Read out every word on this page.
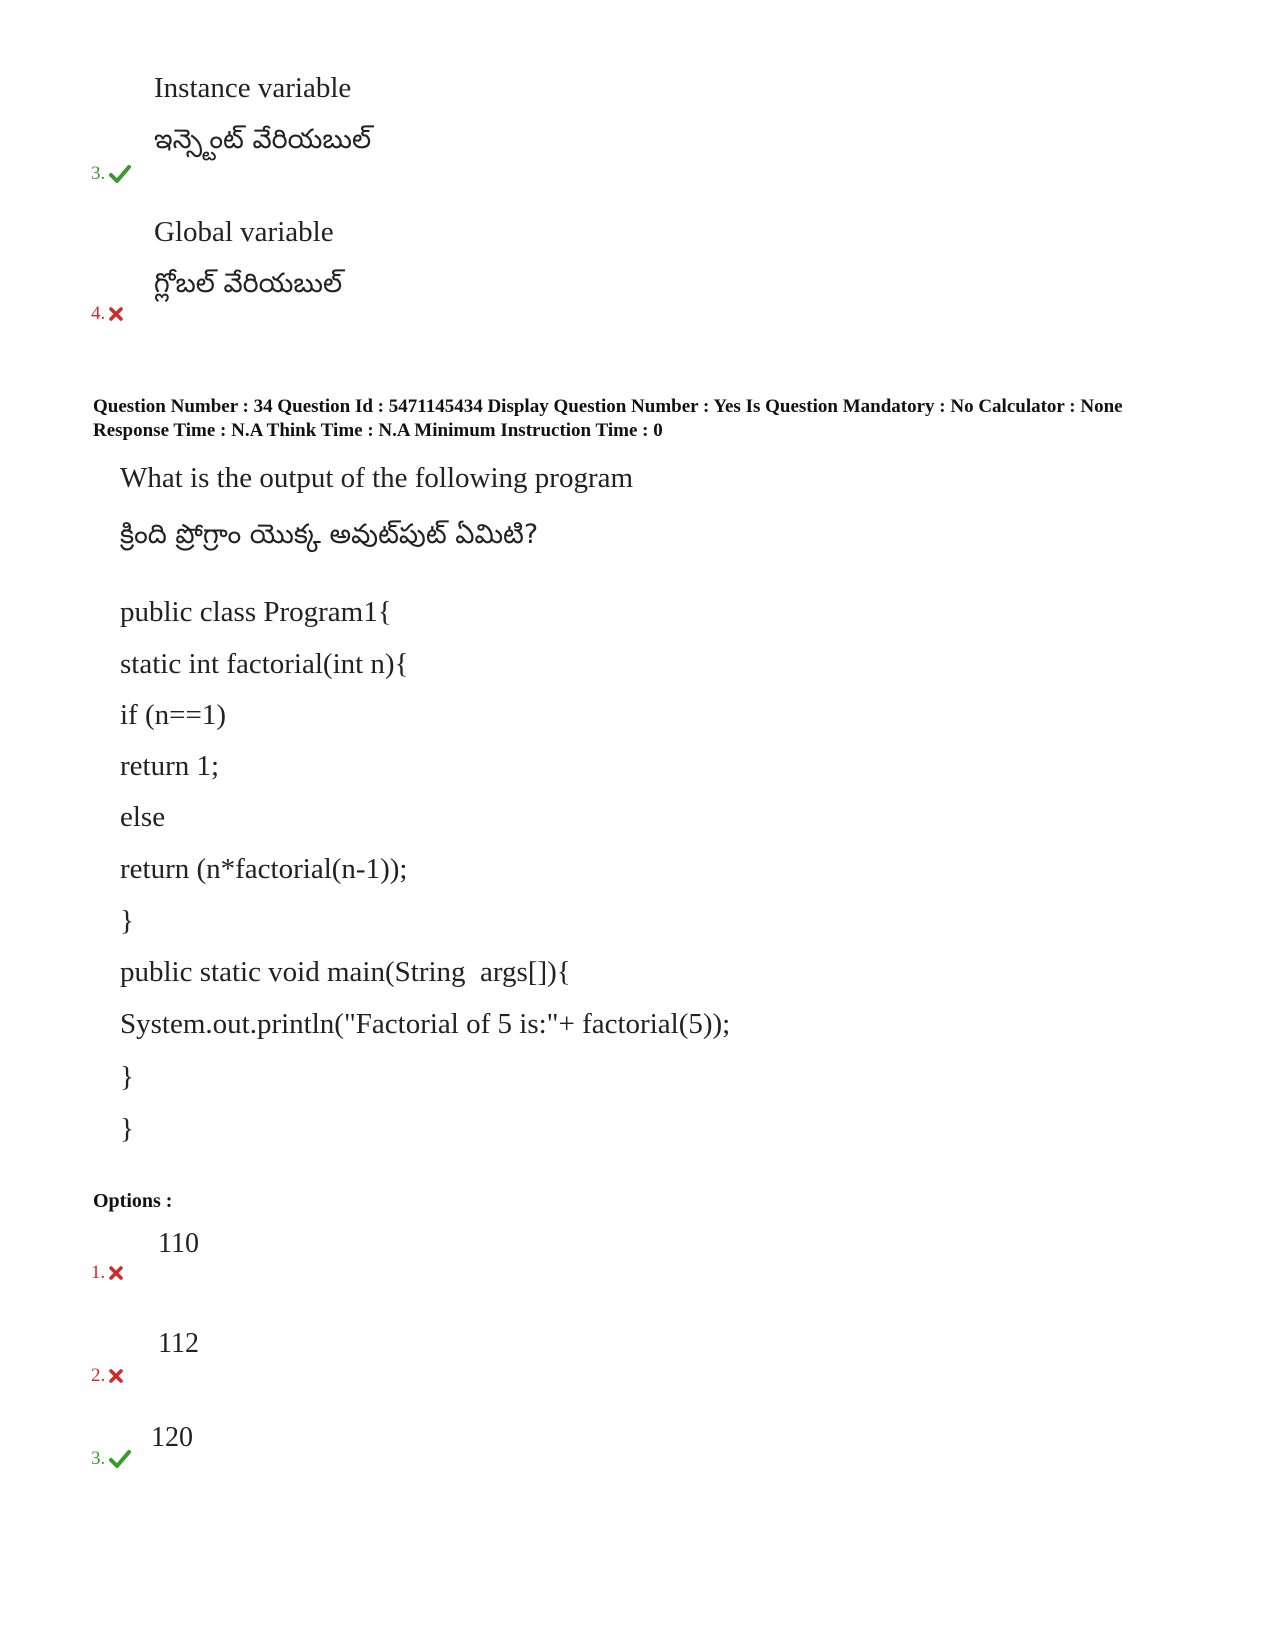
Instance variable
ఇన్స్టెంట్ వేరియబుల్
3.
Global variable
గ్లోబల్ వేరియబుల్
4.
Question Number : 34 Question Id : 5471145434 Display Question Number : Yes Is Question Mandatory : No Calculator : None Response Time : N.A Think Time : N.A Minimum Instruction Time : 0
What is the output of the following program
క్రింది ప్రోగ్రాం యొక్క అవుట్‌పుట్ ఏమిటి?
public class Program1{
static int factorial(int n){
if (n==1)
return 1;
else
return (n*factorial(n-1));
}
public static void main(String  args[]){
System.out.println("Factorial of 5 is:"+ factorial(5));
}
}
Options :
110
1.
112
2.
120
3.
